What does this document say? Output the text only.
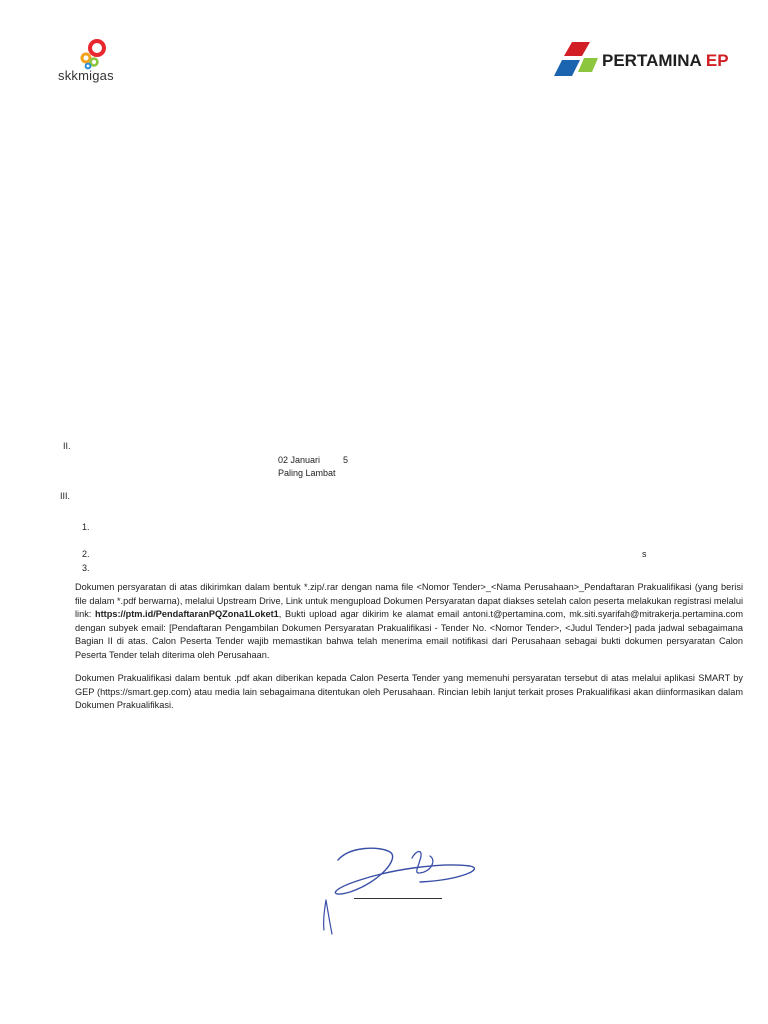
skkmigas
PERTAMINA EP
II.
02 Januari	5
Paling Lambat
III.
1.
2.	s
3.
Dokumen persyaratan di atas dikirimkan dalam bentuk *.zip/.rar dengan nama file <Nomor Tender>_<Nama Perusahaan>_Pendaftaran Prakualifikasi (yang berisi file dalam *.pdf berwarna), melalui Upstream Drive, Link untuk mengupload Dokumen Persyaratan dapat diakses setelah calon peserta melakukan registrasi melalui link: https://ptm.id/PendaftaranPQZona1Loket1, Bukti upload agar dikirim ke alamat email antoni.t@pertamina.com, mk.siti.syarifah@mitrakerja.pertamina.com dengan subyek email: [Pendaftaran Pengambilan Dokumen Persyaratan Prakualifikasi - Tender No. <Nomor Tender>, <Judul Tender>] pada jadwal sebagaimana Bagian II di atas. Calon Peserta Tender wajib memastikan bahwa telah menerima email notifikasi dari Perusahaan sebagai bukti dokumen persyaratan Calon Peserta Tender telah diterima oleh Perusahaan.
Dokumen Prakualifikasi dalam bentuk .pdf akan diberikan kepada Calon Peserta Tender yang memenuhi persyaratan tersebut di atas melalui aplikasi SMART by GEP (https://smart.gep.com) atau media lain sebagaimana ditentukan oleh Perusahaan. Rincian lebih lanjut terkait proses Prakualifikasi akan diinformasikan dalam Dokumen Prakualifikasi.
